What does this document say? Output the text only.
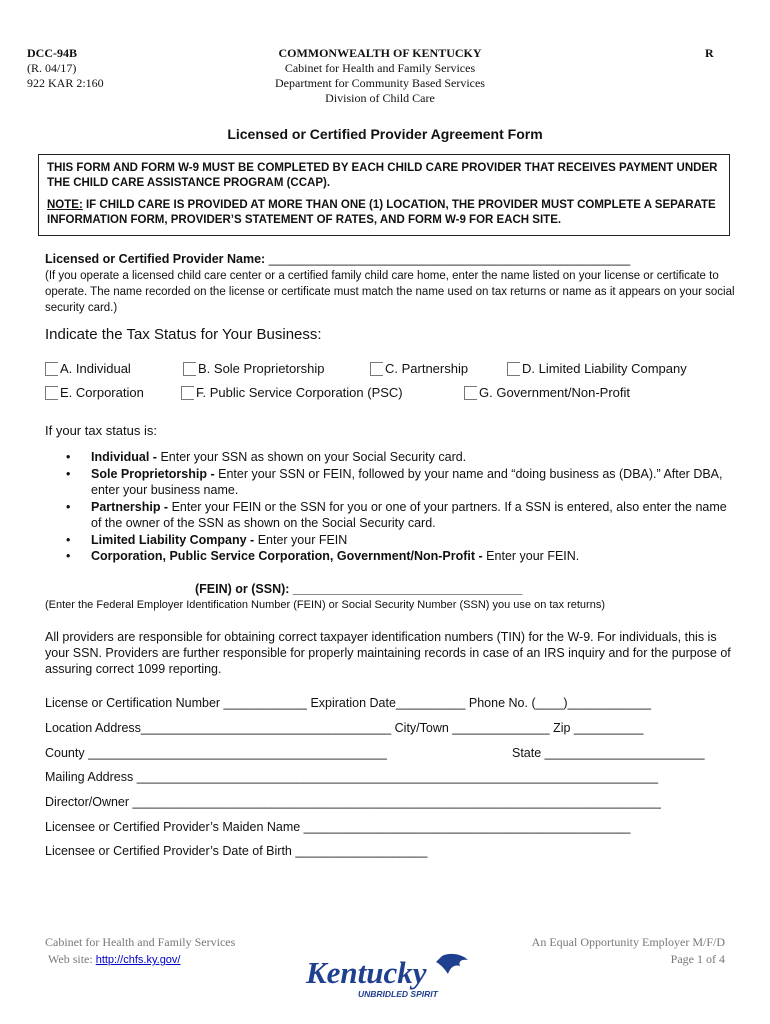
DCC-94B
(R. 04/17)
922 KAR 2:160
COMMONWEALTH OF KENTUCKY
Cabinet for Health and Family Services
Department for Community Based Services
Division of Child Care
R
Licensed or Certified Provider Agreement Form

THIS FORM AND FORM W-9 MUST BE COMPLETED BY EACH CHILD CARE PROVIDER THAT RECEIVES PAYMENT UNDER THE CHILD CARE ASSISTANCE PROGRAM (CCAP).

NOTE: IF CHILD CARE IS PROVIDED AT MORE THAN ONE (1) LOCATION, THE PROVIDER MUST COMPLETE A SEPARATE INFORMATION FORM, PROVIDER’S STATEMENT OF RATES, AND FORM W-9 FOR EACH SITE.

Licensed or Certified Provider Name: ____________________________________________________
(If you operate a licensed child care center or a certified family child care home, enter the name listed on your license or certificate to operate. The name recorded on the license or certificate must match the name used on tax returns or name as it appears on your social security card.)
Indicate the Tax Status for Your Business:
A. Individual	B. Sole Proprietorship	C. Partnership	D. Limited Liability Company
E. Corporation	F. Public Service Corporation (PSC)	G. Government/Non-Profit
If your tax status is:
• Individual - Enter your SSN as shown on your Social Security card.
• Sole Proprietorship - Enter your SSN or FEIN, followed by your name and “doing business as (DBA).” After DBA, enter your business name.
• Partnership - Enter your FEIN or the SSN for you or one of your partners. If a SSN is entered, also enter the name of the owner of the SSN as shown on the Social Security card.
• Limited Liability Company - Enter your FEIN
• Corporation, Public Service Corporation, Government/Non-Profit - Enter your FEIN.
(FEIN) or (SSN): _________________________________
(Enter the Federal Employer Identification Number (FEIN) or Social Security Number (SSN) you use on tax returns)
All providers are responsible for obtaining correct taxpayer identification numbers (TIN) for the W-9. For individuals, this is your SSN. Providers are further responsible for properly maintaining records in case of an IRS inquiry and for the purpose of assuring correct 1099 reporting.
License or Certification Number ____________ Expiration Date__________ Phone No. (____)____________
Location Address____________________________________ City/Town ______________ Zip __________
County ___________________________________________	State _______________________
Mailing Address ___________________________________________________________________________
Director/Owner ____________________________________________________________________________
Licensee or Certified Provider’s Maiden Name _______________________________________________
Licensee or Certified Provider’s Date of Birth ___________________
Cabinet for Health and Family Services
Web site: http://chfs.ky.gov/
An Equal Opportunity Employer M/F/D
Page 1 of 4
Kentucky
UNBRIDLED SPIRIT
